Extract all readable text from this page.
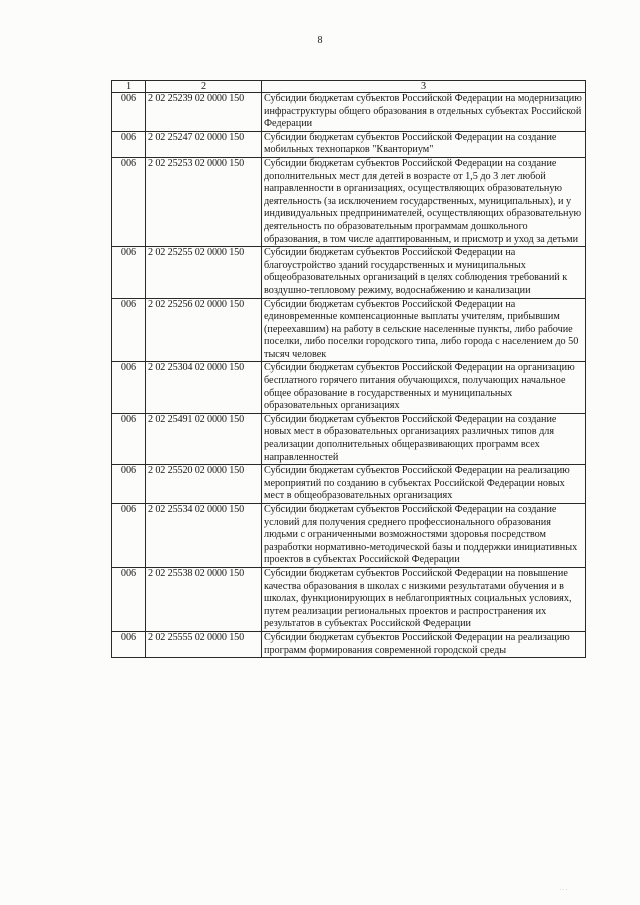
8
1	2	3
006	2 02 25239 02 0000 150	Субсидии бюджетам субъектов Российской Федерации на модернизацию инфраструктуры общего образования в отдельных субъектах Российской Федерации
006	2 02 25247 02 0000 150	Субсидии бюджетам субъектов Российской Федерации на создание мобильных технопарков "Кванториум"
006	2 02 25253 02 0000 150	Субсидии бюджетам субъектов Российской Федерации на создание дополнительных мест для детей в возрасте от 1,5 до 3 лет любой направленности в организациях, осуществляющих образовательную деятельность (за исключением государственных, муниципальных), и у индивидуальных предпринимателей, осуществляющих образовательную деятельность по образовательным программам дошкольного образования, в том числе адаптированным, и присмотр и уход за детьми
006	2 02 25255 02 0000 150	Субсидии бюджетам субъектов Российской Федерации на благоустройство зданий государственных и муниципальных общеобразовательных организаций в целях соблюдения требований к воздушно-тепловому режиму, водоснабжению и канализации
006	2 02 25256 02 0000 150	Субсидии бюджетам субъектов Российской Федерации на единовременные компенсационные выплаты учителям, прибывшим (переехавшим) на работу в сельские населенные пункты, либо рабочие поселки, либо поселки городского типа, либо города с населением до 50 тысяч человек
006	2 02 25304 02 0000 150	Субсидии бюджетам субъектов Российской Федерации на организацию бесплатного горячего питания обучающихся, получающих начальное общее образование в государственных и муниципальных образовательных организациях
006	2 02 25491 02 0000 150	Субсидии бюджетам субъектов Российской Федерации на создание новых мест в образовательных организациях различных типов для реализации дополнительных общеразвивающих программ всех направленностей
006	2 02 25520 02 0000 150	Субсидии бюджетам субъектов Российской Федерации на реализацию мероприятий по созданию в субъектах Российской Федерации новых мест в общеобразовательных организациях
006	2 02 25534 02 0000 150	Субсидии бюджетам субъектов Российской Федерации на создание условий для получения среднего профессионального образования людьми с ограниченными возможностями здоровья посредством разработки нормативно-методической базы и поддержки инициативных проектов в субъектах Российской Федерации
006	2 02 25538 02 0000 150	Субсидии бюджетам субъектов Российской Федерации на повышение качества образования в школах с низкими результатами обучения и в школах, функционирующих в неблагоприятных социальных условиях, путем реализации региональных проектов и распространения их результатов в субъектах Российской Федерации
006	2 02 25555 02 0000 150	Субсидии бюджетам субъектов Российской Федерации на реализацию программ формирования современной городской среды
· · ·
